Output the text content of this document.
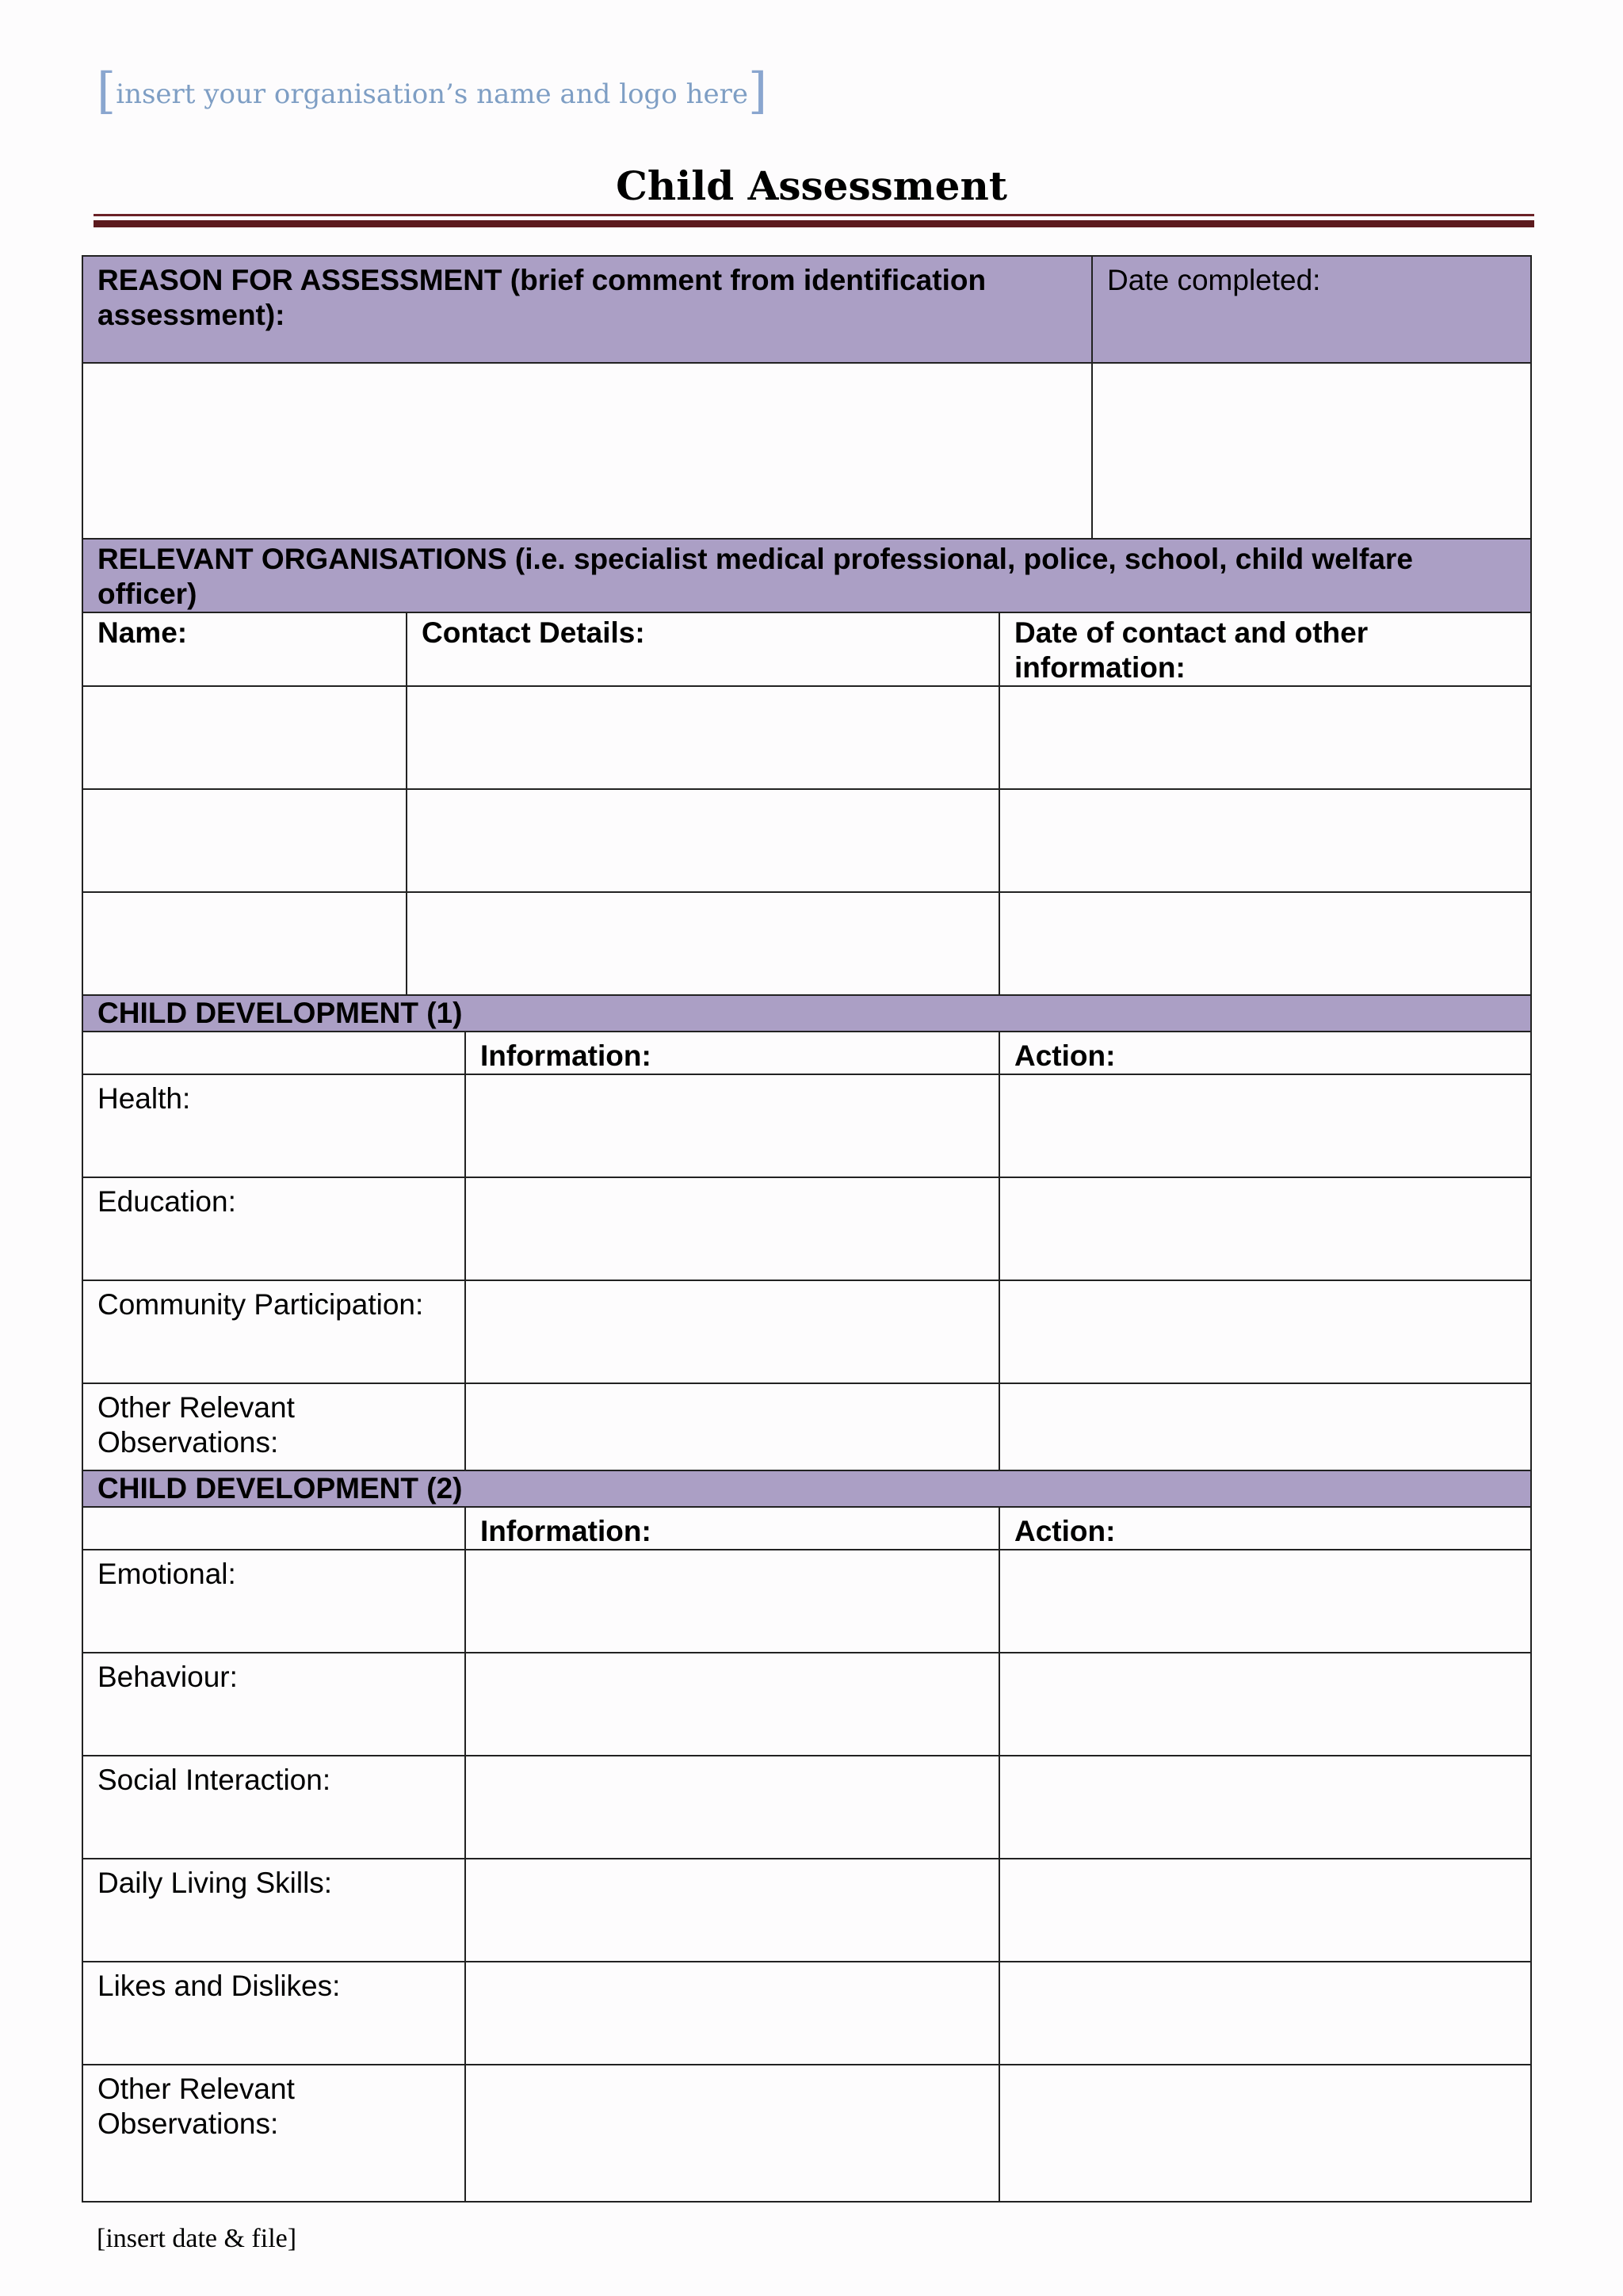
[insert your organisation’s name and logo here]
Child Assessment
REASON FOR ASSESSMENT (brief comment from identification assessment):				Date completed:

RELEVANT ORGANISATIONS (i.e. specialist medical professional, police, school, child welfare officer)				
Name:	Contact Details:		Date of contact and other information:	

CHILD DEVELOPMENT (1)				
		Information:	Action:	
Health:				
Education:				
Community Participation:				
Other Relevant Observations:				
CHILD DEVELOPMENT (2)				
		Information:	Action:	
Emotional:				
Behaviour:				
Social Interaction:				
Daily Living Skills:				
Likes and Dislikes:				
Other Relevant Observations:				
[insert date & file]
